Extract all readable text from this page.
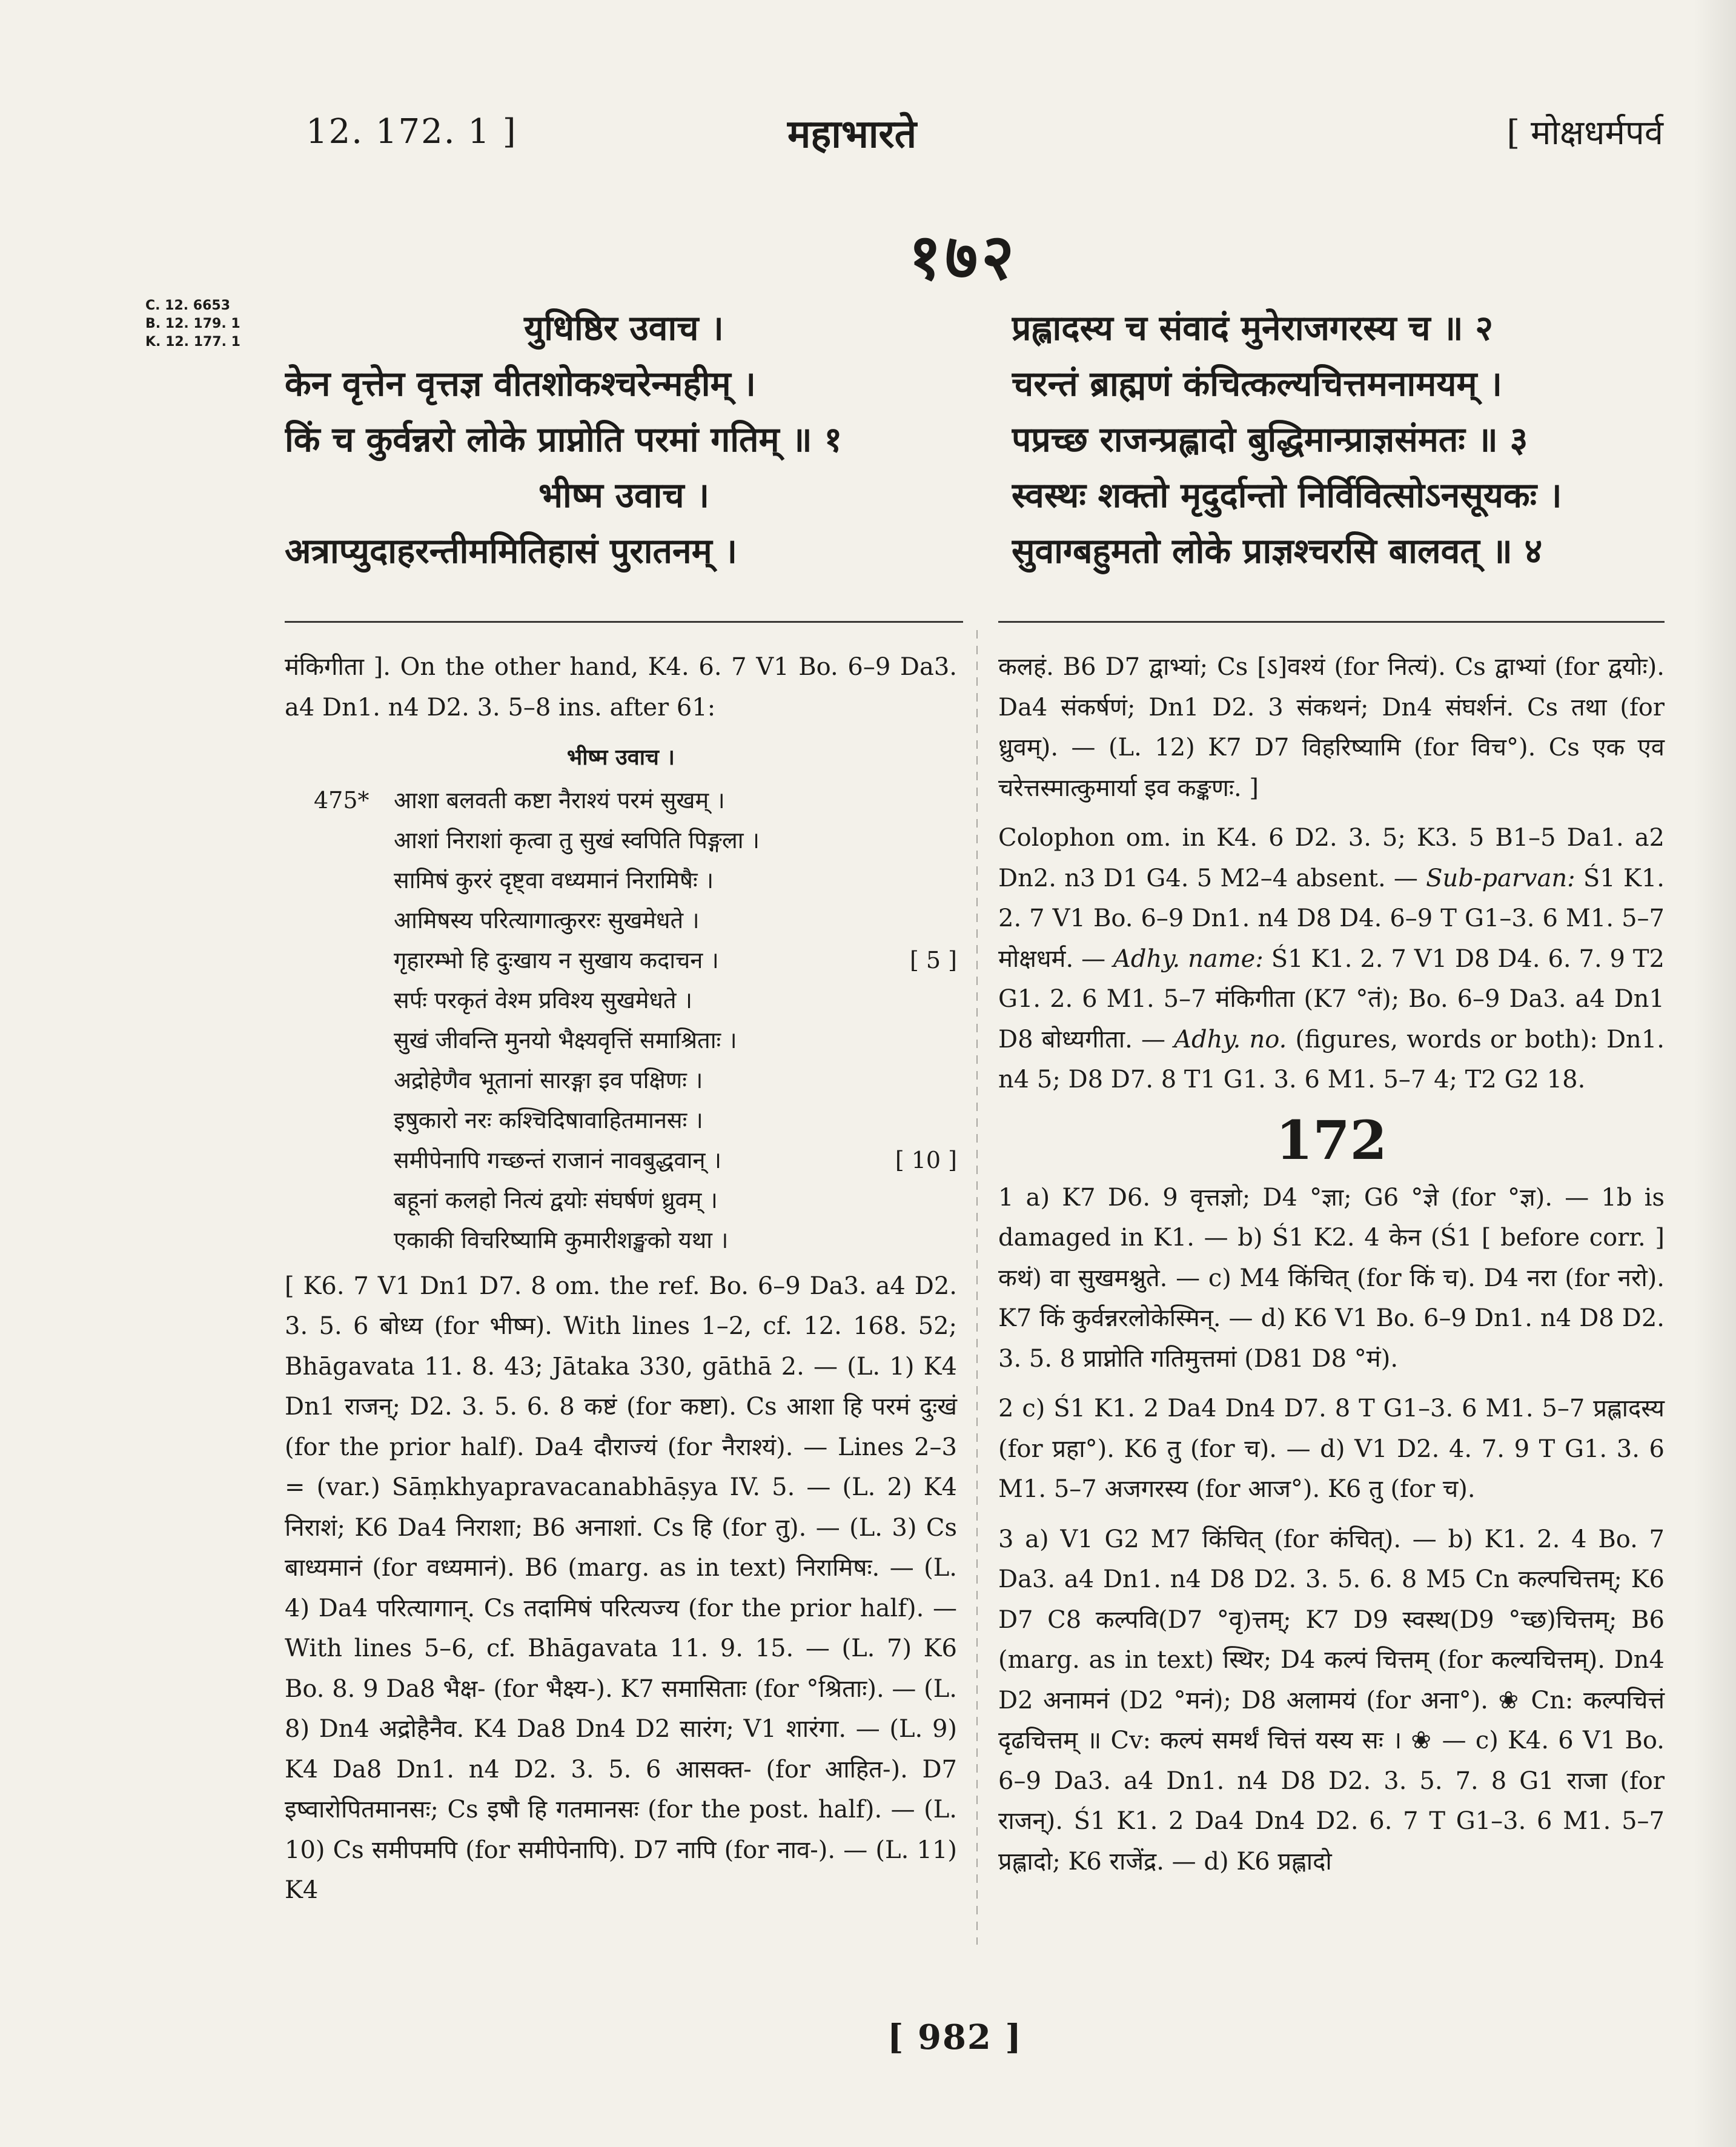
12. 172. 1 ]	महाभारते	[ मोक्षधर्मपर्व
१७२
C. 12. 6653
B. 12. 179. 1
K. 12. 177. 1	युधिष्ठिर उवाच ।
केन वृत्तेन वृत्तज्ञ वीतशोकश्चरेन्महीम् ।
किं च कुर्वन्नरो लोके प्राप्नोति परमां गतिम् ॥ १
भीष्म उवाच ।
अत्राप्युदाहरन्तीममितिहासं पुरातनम् ।
प्रह्लादस्य च संवादं मुनेराजगरस्य च ॥ २
चरन्तं ब्राह्मणं कंचित्कल्यचित्तमनामयम् ।
पप्रच्छ राजन्प्रह्लादो बुद्धिमान्प्राज्ञसंमतः ॥ ३
स्वस्थः शक्तो मृदुर्दान्तो निर्विवित्सोऽनसूयकः ।
सुवाग्बहुमतो लोके प्राज्ञश्चरसि बालवत् ॥ ४

मंकिगीता ]. On the other hand, K4. 6. 7 V1 Bo. 6–9 Da3. a4 Dn1. n4 D2. 3. 5–8 ins. after 61:

भीष्म उवाच ।
475* आशा बलवती कष्टा नैराश्यं परमं सुखम् ।
आशां निराशां कृत्वा तु सुखं स्वपिति पिङ्गला ।
सामिषं कुररं दृष्ट्वा वध्यमानं निरामिषैः ।
आमिषस्य परित्यागात्कुररः सुखमेधते ।
गृहारम्भो हि दुःखाय न सुखाय कदाचन ।	[ 5 ]
सर्पः परकृतं वेश्म प्रविश्य सुखमेधते ।
सुखं जीवन्ति मुनयो भैक्ष्यवृत्तिं समाश्रिताः ।
अद्रोहेणैव भूतानां सारङ्गा इव पक्षिणः ।
इषुकारो नरः कश्चिदिषावाहितमानसः ।
समीपेनापि गच्छन्तं राजानं नावबुद्धवान् ।	[ 10 ]
बहूनां कलहो नित्यं द्वयोः संघर्षणं ध्रुवम् ।
एकाकी विचरिष्यामि कुमारीशङ्खको यथा ।

[ K6. 7 V1 Dn1 D7. 8 om. the ref. Bo. 6–9 Da3. a4 D2. 3. 5. 6 बोध्य (for भीष्म). With lines 1–2, cf. 12. 168. 52; Bhāgavata 11. 8. 43; Jātaka 330, gāthā 2. — (L. 1) K4 Dn1 राजन्; D2. 3. 5. 6. 8 कष्टं (for कष्टा). Cs आशा हि परमं दुःखं (for the prior half). Da4 दौराज्यं (for नैराश्यं). — Lines 2–3 = (var.) Sāṃkhyapravacanabhāṣya IV. 5. — (L. 2) K4 निराशं; K6 Da4 निराशा; B6 अनाशां. Cs हि (for तु). — (L. 3) Cs बाध्यमानं (for वध्यमानं). B6 (marg. as in text) निरामिषः. — (L. 4) Da4 परित्यागान्. Cs तदामिषं परित्यज्य (for the prior half). — With lines 5–6, cf. Bhāgavata 11. 9. 15. — (L. 7) K6 Bo. 8. 9 Da8 भैक्ष- (for भैक्ष्य-). K7 समासिताः (for °श्रिताः). — (L. 8) Dn4 अद्रोहैनैव. K4 Da8 Dn4 D2 सारंग; V1 शारंगा. — (L. 9) K4 Da8 Dn1. n4 D2. 3. 5. 6 आसक्त- (for आहित-). D7 इष्वारोपितमानसः; Cs इषौ हि गतमानसः (for the post. half). — (L. 10) Cs समीपमपि (for समीपेनापि). D7 नापि (for नाव-). — (L. 11) K4

कलहं. B6 D7 द्वाभ्यां; Cs [ऽ]वश्यं (for नित्यं). Cs द्वाभ्यां (for द्वयोः). Da4 संकर्षणं; Dn1 D2. 3 संकथनं; Dn4 संघर्शनं. Cs तथा (for ध्रुवम्). — (L. 12) K7 D7 विहरिष्यामि (for विच°). Cs एक एव चरेत्तस्मात्कुमार्या इव कङ्कणः. ]

Colophon om. in K4. 6 D2. 3. 5; K3. 5 B1–5 Da1. a2 Dn2. n3 D1 G4. 5 M2–4 absent. — Sub-parvan: Ś1 K1. 2. 7 V1 Bo. 6–9 Dn1. n4 D8 D4. 6–9 T G1–3. 6 M1. 5–7 मोक्षधर्म. — Adhy. name: Ś1 K1. 2. 7 V1 D8 D4. 6. 7. 9 T2 G1. 2. 6 M1. 5–7 मंकिगीता (K7 °तं); Bo. 6–9 Da3. a4 Dn1 D8 बोध्यगीता. — Adhy. no. (figures, words or both): Dn1. n4 5; D8 D7. 8 T1 G1. 3. 6 M1. 5–7 4; T2 G2 18.

172

1 a) K7 D6. 9 वृत्तज्ञो; D4 °ज्ञा; G6 °ज्ञे (for °ज्ञ). — 1b is damaged in K1. — b) Ś1 K2. 4 केन (Ś1 [ before corr. ] कथं) वा सुखमश्नुते. — c) M4 किंचित् (for किं च). D4 नरा (for नरो). K7 किं कुर्वन्नरलोकेस्मिन्. — d) K6 V1 Bo. 6–9 Dn1. n4 D8 D2. 3. 5. 8 प्राप्नोति गतिमुत्तमां (D81 D8 °मं).

2 c) Ś1 K1. 2 Da4 Dn4 D7. 8 T G1–3. 6 M1. 5–7 प्रह्लादस्य (for प्रहा°). K6 तु (for च). — d) V1 D2. 4. 7. 9 T G1. 3. 6 M1. 5–7 अजगरस्य (for आज°). K6 तु (for च).

3 a) V1 G2 M7 किंचित् (for कंचित्). — b) K1. 2. 4 Bo. 7 Da3. a4 Dn1. n4 D8 D2. 3. 5. 6. 8 M5 Cn कल्पचित्तम्; K6 D7 C8 कल्पवि(D7 °वृ)त्तम्; K7 D9 स्वस्थ(D9 °च्छ)चित्तम्; B6 (marg. as in text) स्थिर; D4 कल्पं चित्तम् (for कल्यचित्तम्). Dn4 D2 अनामनं (D2 °मनं); D8 अलामयं (for अना°). ❀ Cn: कल्पचित्तं दृढचित्तम् ॥ Cv: कल्पं समर्थं चित्तं यस्य सः । ❀ — c) K4. 6 V1 Bo. 6–9 Da3. a4 Dn1. n4 D8 D2. 3. 5. 7. 8 G1 राजा (for राजन्). Ś1 K1. 2 Da4 Dn4 D2. 6. 7 T G1–3. 6 M1. 5–7 प्रह्लादो; K6 राजेंद्र. — d) K6 प्रह्लादो

[ 982 ]
